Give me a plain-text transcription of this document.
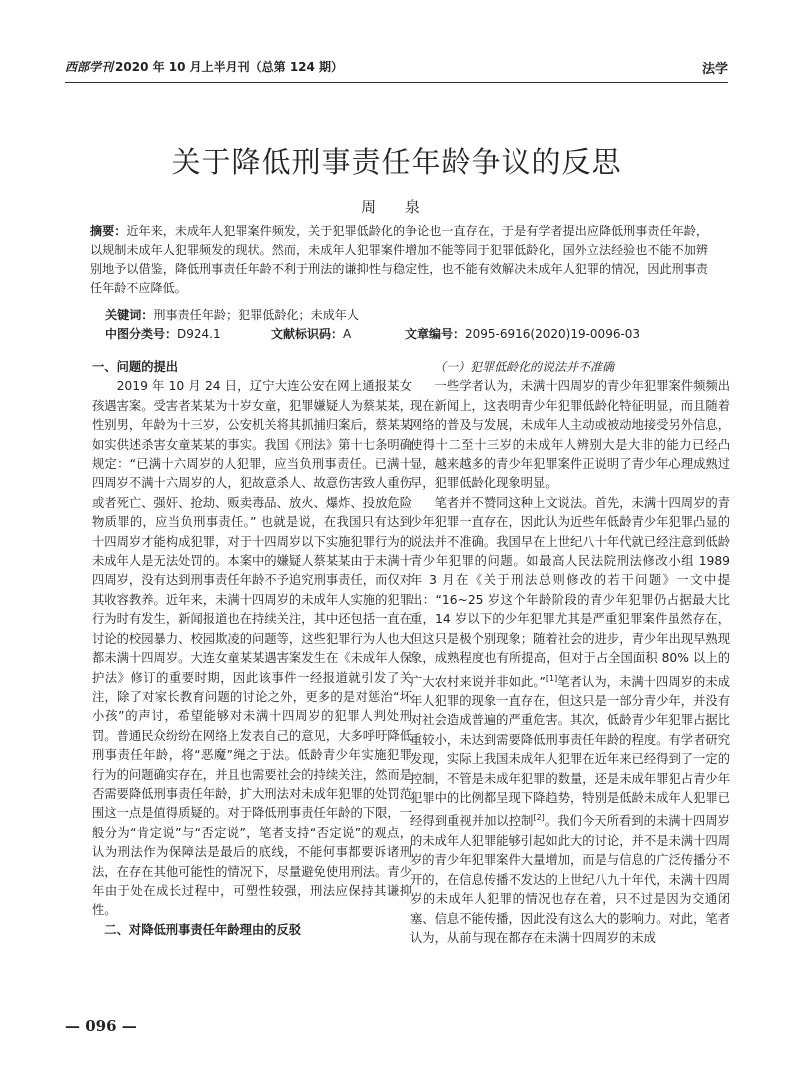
西部学刊 2020 年 10 月上半月刊（总第 124 期）	法学
关于降低刑事责任年龄争议的反思
周 泉
摘要：近年来，未成年人犯罪案件频发，关于犯罪低龄化的争论也一直存在，于是有学者提出应降低刑事责任年龄，以规制未成年人犯罪频发的现状。然而，未成年人犯罪案件增加不能等同于犯罪低龄化，国外立法经验也不能不加辨别地予以借鉴，降低刑事责任年龄不利于刑法的谦抑性与稳定性，也不能有效解决未成年人犯罪的情况，因此刑事责任年龄不应降低。
关键词：刑事责任年龄；犯罪低龄化；未成年人
中图分类号：D924.1	文献标识码：A	文章编号：2095-6916(2020)19-0096-03
一、问题的提出

2019 年 10 月 24 日，辽宁大连公安在网上通报某女孩遇害案。受害者某某为十岁女童，犯罪嫌疑人为蔡某某，性别男，年龄为十三岁，公安机关将其抓捕归案后，蔡某某如实供述杀害女童某某的事实。我国《刑法》第十七条明确规定：“已满十六周岁的人犯罪，应当负刑事责任。已满十四周岁不满十六周岁的人，犯故意杀人、故意伤害致人重伤或者死亡、强奸、抢劫、贩卖毒品、放火、爆炸、投放危险物质罪的，应当负刑事责任。” 也就是说，在我国只有达到十四周岁才能构成犯罪，对于十四周岁以下实施犯罪行为的未成年人是无法处罚的。本案中的嫌疑人蔡某某由于未满十四周岁，没有达到刑事责任年龄不予追究刑事责任，而仅对其收容教养。近年来，未满十四周岁的未成年人实施的犯罪行为时有发生，新闻报道也在持续关注，其中还包括一直在讨论的校园暴力、校园欺凌的问题等，这些犯罪行为人也大都未满十四周岁。大连女童某某遇害案发生在《未成年人保护法》修订的重要时期，因此该事件一经报道就引发了关注，除了对家长教育问题的讨论之外，更多的是对惩治“坏小孩”的声讨，希望能够对未满十四周岁的犯罪人判处刑罚。普通民众纷纷在网络上发表自己的意见，大多呼吁降低刑事责任年龄，将“恶魔”绳之于法。低龄青少年实施犯罪行为的问题确实存在，并且也需要社会的持续关注，然而是否需要降低刑事责任年龄，扩大刑法对未成年犯罪的处罚范围这一点是值得质疑的。对于降低刑事责任年龄的下限，一般分为“肯定说”与“否定说”，笔者支持“否定说”的观点，认为刑法作为保障法是最后的底线，不能何事都要诉诸刑法，在存在其他可能性的情况下，尽量避免使用刑法。青少年由于处在成长过程中，可塑性较强，刑法应保持其谦抑性。

二、对降低刑事责任年龄理由的反驳
（一）犯罪低龄化的说法并不准确

一些学者认为，未满十四周岁的青少年犯罪案件频频出现在新闻上，这表明青少年犯罪低龄化特征明显，而且随着网络的普及与发展，未成年人主动或被动地接受另外信息，使得十二至十三岁的未成年人辨别大是大非的能力已经凸显，越来越多的青少年犯罪案件正说明了青少年心理成熟过早，犯罪低龄化现象明显。

笔者并不赞同这种上文说法。首先，未满十四周岁的青少年犯罪一直存在，因此认为近些年低龄青少年犯罪凸显的说法并不准确。我国早在上世纪八十年代就已经注意到低龄青少年犯罪的问题。如最高人民法院刑法修改小组 1989 年 3 月在《关于刑法总则修改的若干问题》一文中提出：“16~25 岁这个年龄阶段的青少年犯罪仍占据最大比重，14 岁以下的少年犯罪尤其是严重犯罪案件虽然存在，但这只是极个别现象；随着社会的进步，青少年出现早熟现象，成熟程度也有所提高，但对于占全国面积 80% 以上的广大农村来说并非如此。”[1]笔者认为，未满十四周岁的未成年人犯罪的现象一直存在，但这只是一部分青少年，并没有对社会造成普遍的严重危害。其次，低龄青少年犯罪占据比重较小，未达到需要降低刑事责任年龄的程度。有学者研究发现，实际上我国未成年人犯罪在近年来已经得到了一定的控制，不管是未成年犯罪的数量，还是未成年罪犯占青少年犯罪中的比例都呈现下降趋势，特别是低龄未成年人犯罪已经得到重视并加以控制[2]。我们今天所看到的未满十四周岁的未成年人犯罪能够引起如此大的讨论，并不是未满十四周岁的青少年犯罪案件大量增加，而是与信息的广泛传播分不开的，在信息传播不发达的上世纪八九十年代，未满十四周岁的未成年人犯罪的情况也存在着，只不过是因为交通闭塞、信息不能传播，因此没有这么大的影响力。对此，笔者认为，从前与现在都存在未满十四周岁的未成

— 096 —
